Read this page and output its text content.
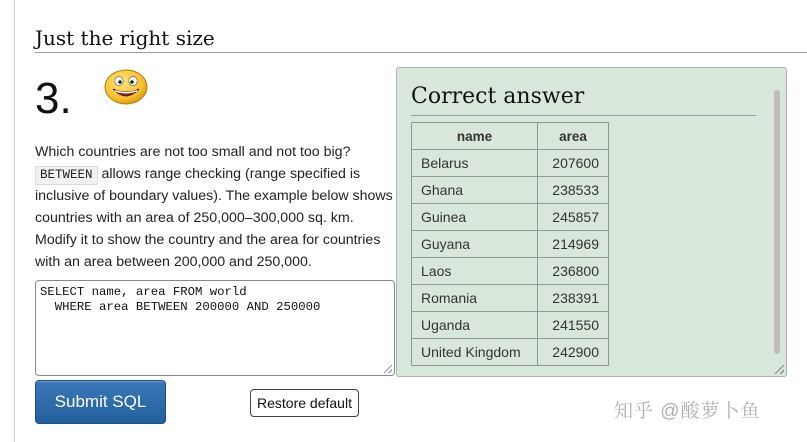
Just the right size
3.
Which countries are not too small and not too big? BETWEEN allows range checking (range specified is inclusive of boundary values). The example below shows countries with an area of 250,000–300,000 sq. km. Modify it to show the country and the area for countries with an area between 200,000 and 250,000.
SELECT name, area FROM world
WHERE area BETWEEN 200000 AND 250000
Submit SQL	Restore default
Correct answer
name	area
Belarus	207600
Ghana	238533
Guinea	245857
Guyana	214969
Laos	236800
Romania	238391
Uganda	241550
United Kingdom	242900
知乎 @酸萝卜鱼
